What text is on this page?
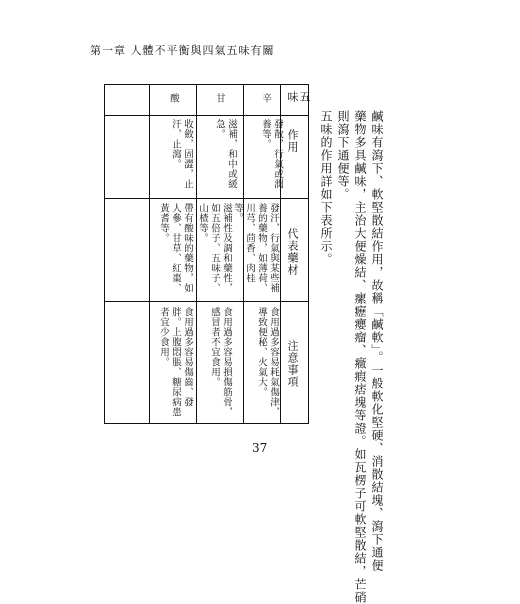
第一章 人體不平衡與四氣五味有關
鹹味有瀉下、軟堅散結作用，故稱「鹹軟」。一般軟化堅硬、消散結塊、瀉下通便
藥物多具鹹味，主治大便燥結、瘰癧癭瘤、癥瘕痞塊等證。如瓦楞子可軟堅散結，芒硝
則瀉下通便等。
五味的作用詳如下表所示。
五味
作用
代表藥材
注意事項
辛
發散，行氣或潤養等。
發汗，行氣與某些補養的藥物，如薄荷、川芎、茴香、肉桂等。
食用過多容易耗氣傷津，導致便秘、火氣大。
甘
滋補，和中或緩急。
滋補性及調和藥性，如五倍子、五味子、山楂等。
食用過多容易損傷筋骨，感冒者不宜食用。
酸
收斂，固澀，止汗，止瀉。
帶有酸味的藥物，如人參、甘草、紅棗、黃耆等。
食用過多容易傷齒、發胖。上腹悶脹、糖尿病患者宜少食用。
37
